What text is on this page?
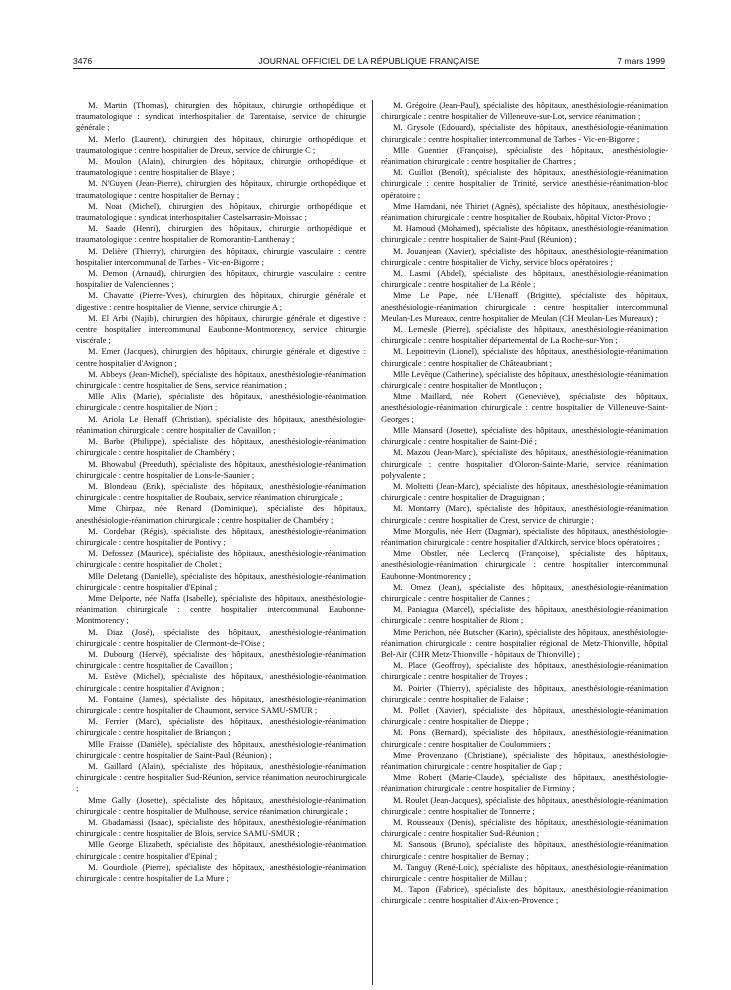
3476	JOURNAL OFFICIEL DE LA RÉPUBLIQUE FRANÇAISE	7 mars 1999

M. Martin (Thomas), chirurgien des hôpitaux, chirurgie orthopédique et traumatologique : syndicat interhospitalier de Tarentaise, service de chirurgie générale ;

M. Merlo (Laurent), chirurgien des hôpitaux, chirurgie orthopédique et traumatologique : centre hospitalier de Dreux, service de chirurgie C ;

M. Moulon (Alain), chirurgien des hôpitaux, chirurgie orthopédique et traumatologique : centre hospitalier de Blaye ;

M. N'Guyen (Jean-Pierre), chirurgien des hôpitaux, chirurgie orthopédique et traumatologique : centre hospitalier de Bernay ;

M. Noat (Michel), chirurgien des hôpitaux, chirurgie orthopédique et traumatologique : syndicat interhospitalier Castelsarrasin-Moissac ;

M. Saade (Henri), chirurgien des hôpitaux, chirurgie orthopédique et traumatologique : centre hospitalier de Romorantin-Lanthenay ;

M. Delière (Thierry), chirurgien des hôpitaux, chirurgie vasculaire : centre hospitalier intercommunal de Tarbes - Vic-en-Bigorre ;

M. Demon (Arnaud), chirurgien des hôpitaux, chirurgie vasculaire : centre hospitalier de Valenciennes ;

M. Chavatte (Pierre-Yves), chirurgien des hôpitaux, chirurgie générale et digestive : centre hospitalier de Vienne, service chirurgie A ;

M. El Arbi (Najib), chirurgien des hôpitaux, chirurgie générale et digestive : centre hospitalier intercommunal Eaubonne-Montmorency, service chirurgie viscérale ;

M. Emer (Jacques), chirurgien des hôpitaux, chirurgie générale et digestive : centre hospitalier d'Avignon ;

M. Abbeys (Jean-Michel), spécialiste des hôpitaux, anesthésiologie-réanimation chirurgicale : centre hospitalier de Sens, service réanimation ;

Mlle Alix (Marie), spécialiste des hôpitaux, anesthésiologie-réanimation chirurgicale : centre hospitalier de Niort ;

M. Ariola Le Henaff (Christian), spécialiste des hôpitaux, anesthésiologie-réanimation chirurgicale : centre hospitalier de Cavaillon ;

M. Barbe (Philippe), spécialiste des hôpitaux, anesthésiologie-réanimation chirurgicale : centre hospitalier de Chambéry ;

M. Bhowabul (Preeduth), spécialiste des hôpitaux, anesthésiologie-réanimation chirurgicale : centre hospitalier de Lons-le-Saunier ;

M. Blondeau (Erik), spécialiste des hôpitaux, anesthésiologie-réanimation chirurgicale : centre hospitalier de Roubaix, service réanimation chirurgicale ;

Mme Chirpaz, née Renard (Dominique), spécialiste des hôpitaux, anesthésiologie-réanimation chirurgicale : centre hospitalier de Chambéry ;

M. Cordebar (Régis), spécialiste des hôpitaux, anesthésiologie-réanimation chirurgicale : centre hospitalier de Pontivy ;

M. Defossez (Maurice), spécialiste des hôpitaux, anesthésiologie-réanimation chirurgicale : centre hospitalier de Cholet ;

Mlle Deletang (Danielle), spécialiste des hôpitaux, anesthésiologie-réanimation chirurgicale : centre hospitalier d'Epinal ;

Mme Delporte, née Naffa (Isabelle), spécialiste des hôpitaux, anesthésiologie-réanimation chirurgicale : centre hospitalier intercommunal Eaubonne-Montmorency ;

M. Diaz (José), spécialiste des hôpitaux, anesthésiologie-réanimation chirurgicale : centre hospitalier de Clermont-de-l'Oise ;

M. Dubourg (Hervé), spécialiste des hôpitaux, anesthésiologie-réanimation chirurgicale : centre hospitalier de Cavaillon ;

M. Estève (Michel), spécialiste des hôpitaux, anesthésiologie-réanimation chirurgicale : centre hospitalier d'Avignon ;

M. Fontaine (James), spécialiste des hôpitaux, anesthésiologie-réanimation chirurgicale : centre hospitalier de Chaumont, service SAMU-SMUR ;

M. Ferrier (Marc), spécialiste des hôpitaux, anesthésiologie-réanimation chirurgicale : centre hospitalier de Briançon ;

Mlle Fraisse (Danièle), spécialiste des hôpitaux, anesthésiologie-réanimation chirurgicale : centre hospitalier de Saint-Paul (Réunion) ;

M. Gaillard (Alain), spécialiste des hôpitaux, anesthésiologie-réanimation chirurgicale : centre hospitalier Sud-Réunion, service réanimation neurochirurgicale ;

Mme Gally (Josette), spécialiste des hôpitaux, anesthésiologie-réanimation chirurgicale : centre hospitalier de Mulhouse, service réanimation chirurgicale ;

M. Gbadamassi (Isaac), spécialiste des hôpitaux, anesthésiologie-réanimation chirurgicale : centre hospitalier de Blois, service SAMU-SMUR ;

Mlle George Elizabeth, spécialiste des hôpitaux, anesthésiologie-réanimation chirurgicale : centre hospitalier d'Epinal ;

M. Gourdiole (Pierre), spécialiste des hôpitaux, anesthésiologie-réanimation chirurgicale : centre hospitalier de La Mure ;

M. Grégoire (Jean-Paul), spécialiste des hôpitaux, anesthésiologie-réanimation chirurgicale : centre hospitalier de Villeneuve-sur-Lot, service réanimation ;

M. Grysole (Edouard), spécialiste des hôpitaux, anesthésiologie-réanimation chirurgicale : centre hospitalier intercommunal de Tarbes - Vic-en-Bigorre ;

Mlle Guentier (Françoise), spécialiste des hôpitaux, anesthésiologie-réanimation chirurgicale : centre hospitalier de Chartres ;

M. Guillot (Benoît), spécialiste des hôpitaux, anesthésiologie-réanimation chirurgicale : centre hospitalier de Trinité, service anesthésie-réanimation-bloc opératoire ;

Mme Hamdani, née Thiriet (Agnès), spécialiste des hôpitaux, anesthésiologie-réanimation chirurgicale : centre hospitalier de Roubaix, hôpital Victor-Provo ;

M. Hamoud (Mohamed), spécialiste des hôpitaux, anesthésiologie-réanimation chirurgicale : centre hospitalier de Saint-Paul (Réunion) ;

M. Jouanjean (Xavier), spécialiste des hôpitaux, anesthésiologie-réanimation chirurgicale : centre hospitalier de Vichy, service blocs opératoires ;

M. Lasmi (Abdel), spécialiste des hôpitaux, anesthésiologie-réanimation chirurgicale : centre hospitalier de La Réole ;

Mme Le Pape, née L'Henaff (Brigitte), spécialiste des hôpitaux, anesthésiologie-réanimation chirurgicale : centre hospitalier intercommunal Meulan-Les Mureaux, centre hospitalier de Meulan (CH Meulan-Les Mureaux) ;

M. Lemesle (Pierre), spécialiste des hôpitaux, anesthésiologie-réanimation chirurgicale : centre hospitalier départemental de La Roche-sur-Yon ;

M. Lepoittevin (Lionel), spécialiste des hôpitaux, anesthésiologie-réanimation chirurgicale : centre hospitalier de Châteaubriant ;

Mlle Levêque (Catherine), spécialiste des hôpitaux, anesthésiologie-réanimation chirurgicale : centre hospitalier de Montluçon ;

Mme Maillard, née Robert (Geneviève), spécialiste des hôpitaux, anesthésiologie-réanimation chirurgicale : centre hospitalier de Villeneuve-Saint-Georges ;

Mlle Mansard (Josette), spécialiste des hôpitaux, anesthésiologie-réanimation chirurgicale : centre hospitalier de Saint-Dié ;

M. Mazou (Jean-Marc), spécialiste des hôpitaux, anesthésiologie-réanimation chirurgicale : centre hospitalier d'Oloron-Sainte-Marie, service réanimation polyvalente ;

M. Moltetti (Jean-Marc), spécialiste des hôpitaux, anesthésiologie-réanimation chirurgicale : centre hospitalier de Draguignan ;

M. Montarry (Marc), spécialiste des hôpitaux, anesthésiologie-réanimation chirurgicale : centre hospitalier de Crest, service de chirurgie ;

Mme Morgulis, née Herr (Dagmar), spécialiste des hôpitaux, anesthésiologie-réanimation chirurgicale : centre hospitalier d'Altkirch, service blocs opératoires ;

Mme Obstler, née Leclercq (Françoise), spécialiste des hôpitaux, anesthésiologie-réanimation chirurgicale : centre hospitalier intercommunal Eaubonne-Montmorency ;

M. Omez (Jean), spécialiste des hôpitaux, anesthésiologie-réanimation chirurgicale : centre hospitalier de Cannes ;

M. Paniagua (Marcel), spécialiste des hôpitaux, anesthésiologie-réanimation chirurgicale : centre hospitalier de Riom ;

Mme Perichon, née Butscher (Karin), spécialiste des hôpitaux, anesthésiologie-réanimation chirurgicale : centre hospitalier régional de Metz-Thionville, hôpital Bel-Air (CHR Metz-Thionville - hôpitaux de Thionville) ;

M. Place (Geoffroy), spécialiste des hôpitaux, anesthésiologie-réanimation chirurgicale : centre hospitalier de Troyes ;

M. Poirier (Thierry), spécialiste des hôpitaux, anesthésiologie-réanimation chirurgicale : centre hospitalier de Falaise ;

M. Pollet (Xavier), spécialiste des hôpitaux, anesthésiologie-réanimation chirurgicale : centre hospitalier de Dieppe ;

M. Pons (Bernard), spécialiste des hôpitaux, anesthésiologie-réanimation chirurgicale : centre hospitalier de Coulommiers ;

Mme Provenzano (Christiane), spécialiste des hôpitaux, anesthésiologie-réanimation chirurgicale : centre hospitalier de Gap ;

Mme Robert (Marie-Claude), spécialiste des hôpitaux, anesthésiologie-réanimation chirurgicale : centre hospitalier de Firminy ;

M. Roulet (Jean-Jacques), spécialiste des hôpitaux, anesthésiologie-réanimation chirurgicale : centre hospitalier de Tonnerre ;

M. Rousseaux (Denis), spécialiste des hôpitaux, anesthésiologie-réanimation chirurgicale : centre hospitalier Sud-Réunion ;

M. Sansous (Bruno), spécialiste des hôpitaux, anesthésiologie-réanimation chirurgicale : centre hospitalier de Bernay ;

M. Tanguy (René-Loïc), spécialiste des hôpitaux, anesthésiologie-réanimation chirurgicale : centre hospitalier de Millau ;

M. Tapon (Fabrice), spécialiste des hôpitaux, anesthésiologie-réanimation chirurgicale : centre hospitalier d'Aix-en-Provence ;
